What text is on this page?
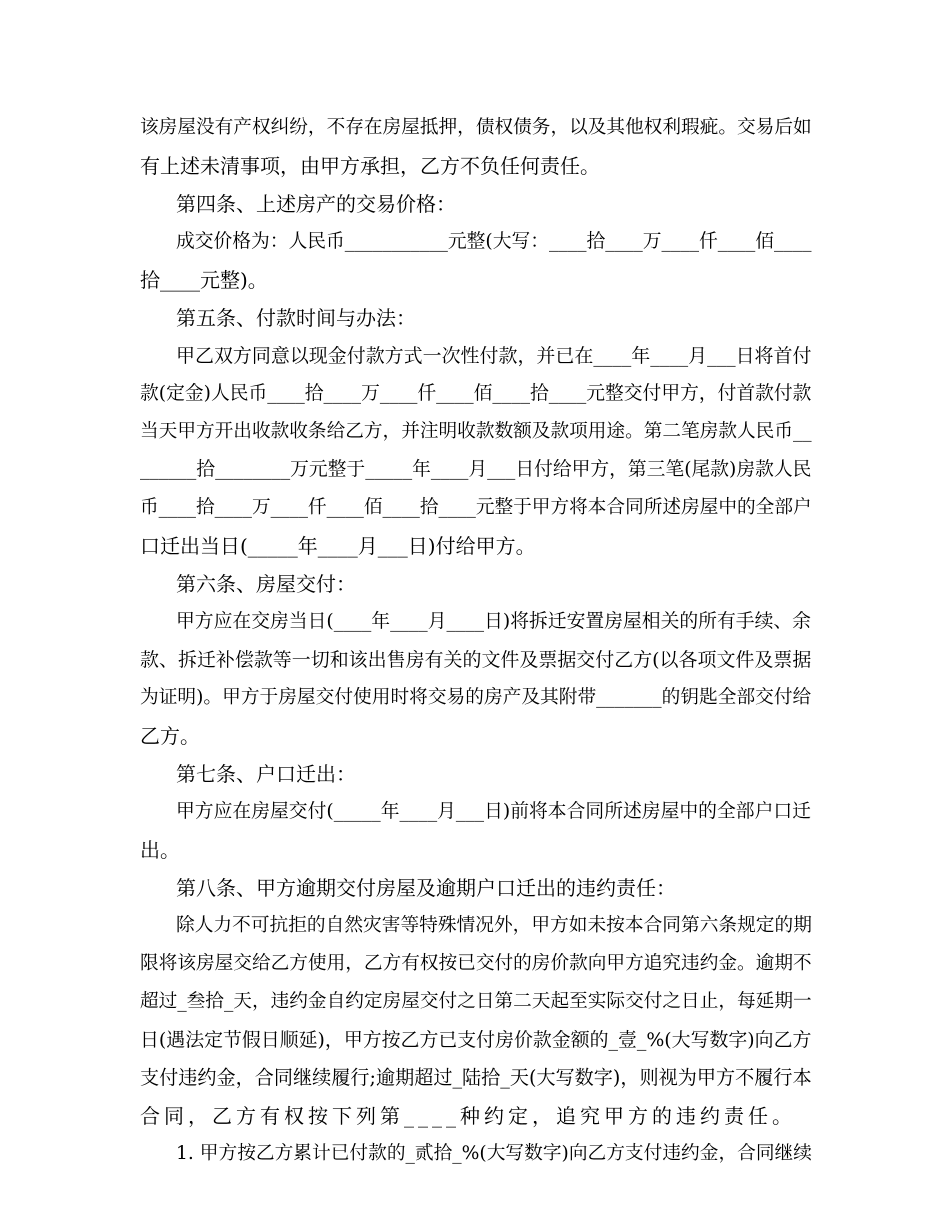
该房屋没有产权纠纷，不存在房屋抵押，债权债务，以及其他权利瑕疵。交易后如
有上述未清事项，由甲方承担，乙方不负任何责任。
第四条、上述房产的交易价格：
成交价格为：人民币___________元整(大写：____拾____万____仟____佰____
拾____元整)。
第五条、付款时间与办法：
甲乙双方同意以现金付款方式一次性付款，并已在____年____月___日将首付
款(定金)人民币____拾____万____仟____佰____拾____元整交付甲方，付首款付款
当天甲方开出收款收条给乙方，并注明收款数额及款项用途。第二笔房款人民币__
______拾________万元整于_____年____月___日付给甲方，第三笔(尾款)房款人民
币____拾____万____仟____佰____拾____元整于甲方将本合同所述房屋中的全部户
口迁出当日(_____年____月___日)付给甲方。
第六条、房屋交付：
甲方应在交房当日(____年____月____日)将拆迁安置房屋相关的所有手续、余
款、拆迁补偿款等一切和该出售房有关的文件及票据交付乙方(以各项文件及票据
为证明)。甲方于房屋交付使用时将交易的房产及其附带_______的钥匙全部交付给
乙方。
第七条、户口迁出：
甲方应在房屋交付(_____年____月___日)前将本合同所述房屋中的全部户口迁
出。
第八条、甲方逾期交付房屋及逾期户口迁出的违约责任：
除人力不可抗拒的自然灾害等特殊情况外，甲方如未按本合同第六条规定的期
限将该房屋交给乙方使用，乙方有权按已交付的房价款向甲方追究违约金。逾期不
超过_叁拾_天，违约金自约定房屋交付之日第二天起至实际交付之日止，每延期一
日(遇法定节假日顺延)，甲方按乙方已支付房价款金额的_壹_%(大写数字)向乙方
支付违约金，合同继续履行;逾期超过_陆拾_天(大写数字)，则视为甲方不履行本
合同，乙方有权按下列第____种约定，追究甲方的违约责任。
1. 甲方按乙方累计已付款的_贰拾_%(大写数字)向乙方支付违约金，合同继续
